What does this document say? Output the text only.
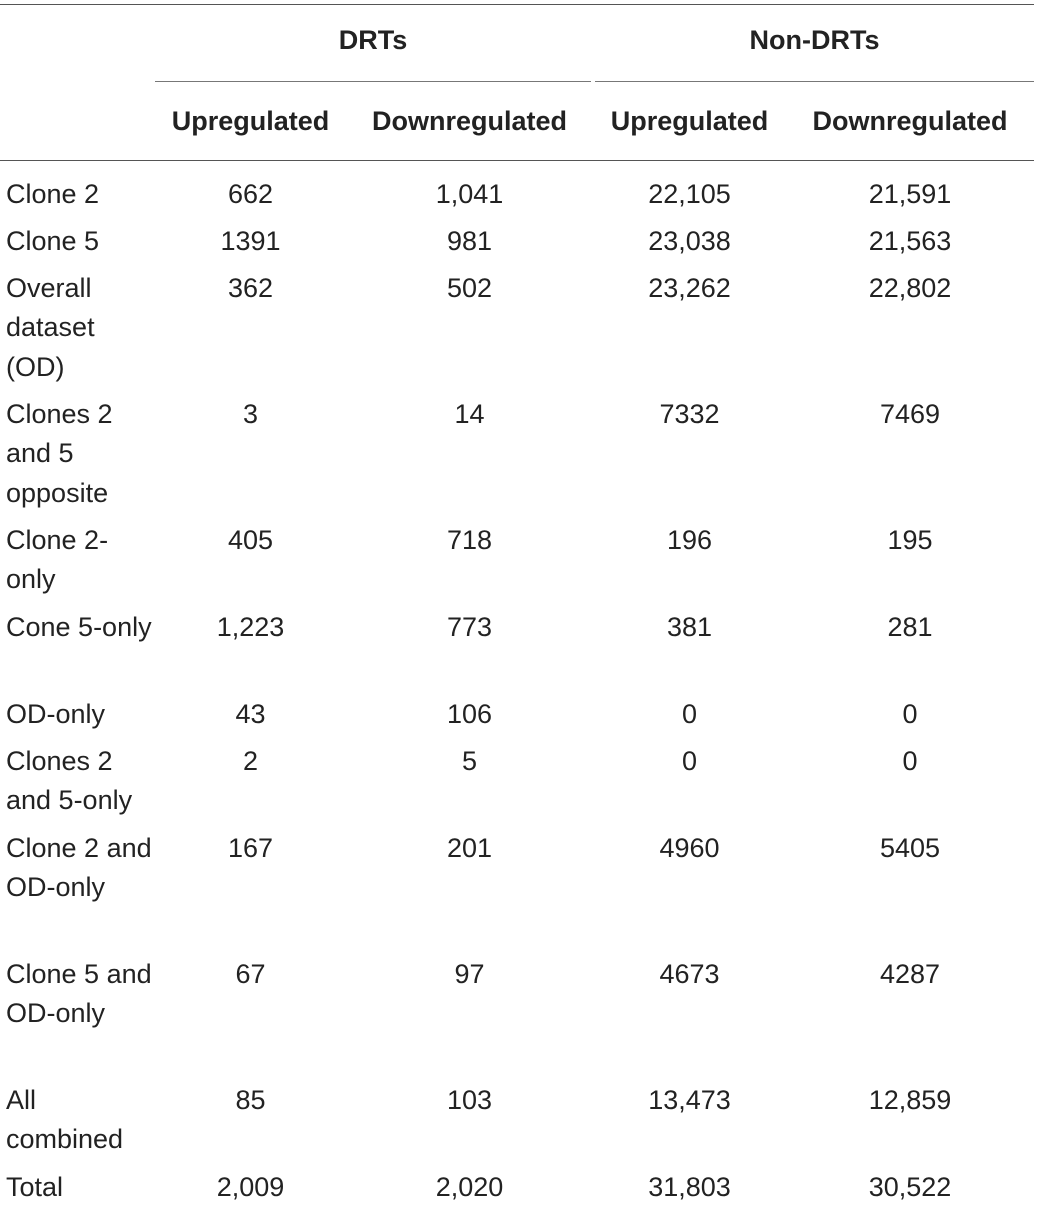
	DRTs		Non-DRTs	
	Upregulated	Downregulated	Upregulated	Downregulated
Clone 2	662	1,041	22,105	21,591
Clone 5	1391	981	23,038	21,563
Overall dataset (OD)	362	502	23,262	22,802
Clones 2 and 5 opposite	3	14	7332	7469
Clone 2-only	405	718	196	195
Cone 5-only	1,223	773	381	281
OD-only	43	106	0	0
Clones 2 and 5-only	2	5	0	0
Clone 2 and OD-only	167	201	4960	5405
Clone 5 and OD-only	67	97	4673	4287
All combined	85	103	13,473	12,859
Total	2,009	2,020	31,803	30,522
